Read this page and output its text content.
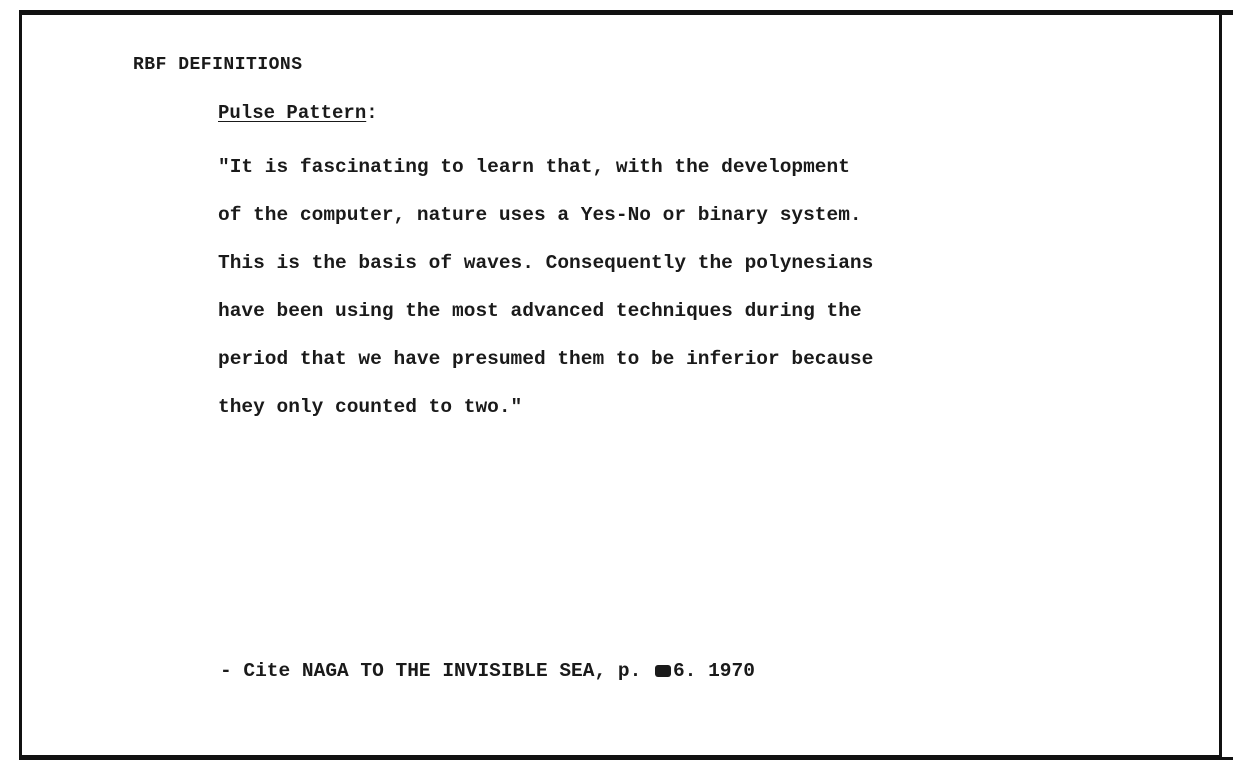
RBF DEFINITIONS
Pulse Pattern:
"It is fascinating to learn that, with the development
of the computer, nature uses a Yes-No or binary system.
This is the basis of waves. Consequently the polynesians
have been using the most advanced techniques during the
period that we have presumed them to be inferior because
they only counted to two."
- Cite NAGA TO THE INVISIBLE SEA, p. 6. 1970
